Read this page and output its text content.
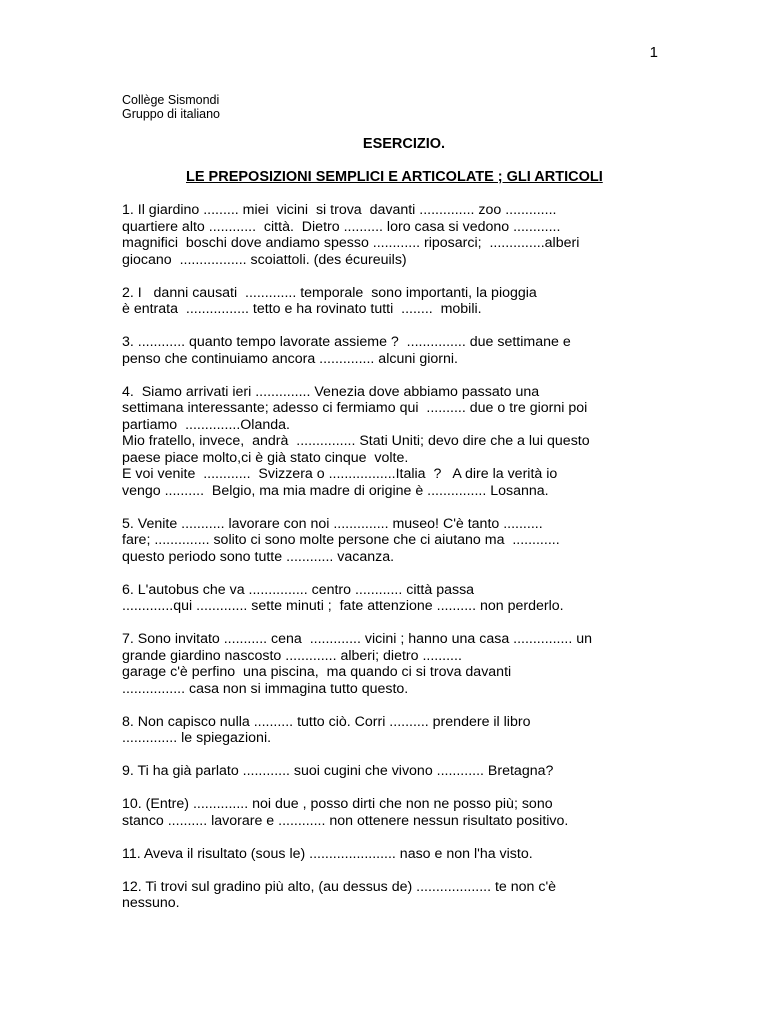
1
Collège Sismondi
Gruppo di italiano
ESERCIZIO.
LE PREPOSIZIONI SEMPLICI E ARTICOLATE ; GLI ARTICOLI
1. Il giardino ......... miei  vicini  si trova  davanti .............. zoo .............
quartiere alto ............  città.  Dietro .......... loro casa si vedono ............
magnifici  boschi dove andiamo spesso ............ riposarci;  ..............alberi
giocano  ................. scoiattoli. (des écureuils)
2. I   danni causati  ............. temporale  sono importanti, la pioggia
è entrata  ................ tetto e ha rovinato tutti  ........  mobili.
3. ............ quanto tempo lavorate assieme ?  ............... due settimane e
penso che continuiamo ancora .............. alcuni giorni.
4.  Siamo arrivati ieri .............. Venezia dove abbiamo passato una
settimana interessante; adesso ci fermiamo qui  .......... due o tre giorni poi
partiamo  ..............Olanda.
Mio fratello, invece,  andrà  ............... Stati Uniti; devo dire che a lui questo
paese piace molto,ci è già stato cinque  volte.
E voi venite  ............  Svizzera o .................Italia  ?   A dire la verità io
vengo ..........  Belgio, ma mia madre di origine è ............... Losanna.
5. Venite ........... lavorare con noi .............. museo! C'è tanto ..........
fare; .............. solito ci sono molte persone che ci aiutano ma  ............
questo periodo sono tutte ............ vacanza.
6. L'autobus che va ............... centro ............ città passa
.............qui ............. sette minuti ;  fate attenzione .......... non perderlo.
7. Sono invitato ........... cena  ............. vicini ; hanno una casa ............... un
grande giardino nascosto ............. alberi; dietro ..........
garage c'è perfino  una piscina,  ma quando ci si trova davanti
................ casa non si immagina tutto questo.
8. Non capisco nulla .......... tutto ciò. Corri .......... prendere il libro
.............. le spiegazioni.
9. Ti ha già parlato ............ suoi cugini che vivono ............ Bretagna?
10. (Entre) .............. noi due , posso dirti che non ne posso più; sono
stanco .......... lavorare e ............ non ottenere nessun risultato positivo.
11. Aveva il risultato (sous le) ...................... naso e non l'ha visto.
12. Ti trovi sul gradino più alto, (au dessus de) ................... te non c'è
nessuno.
